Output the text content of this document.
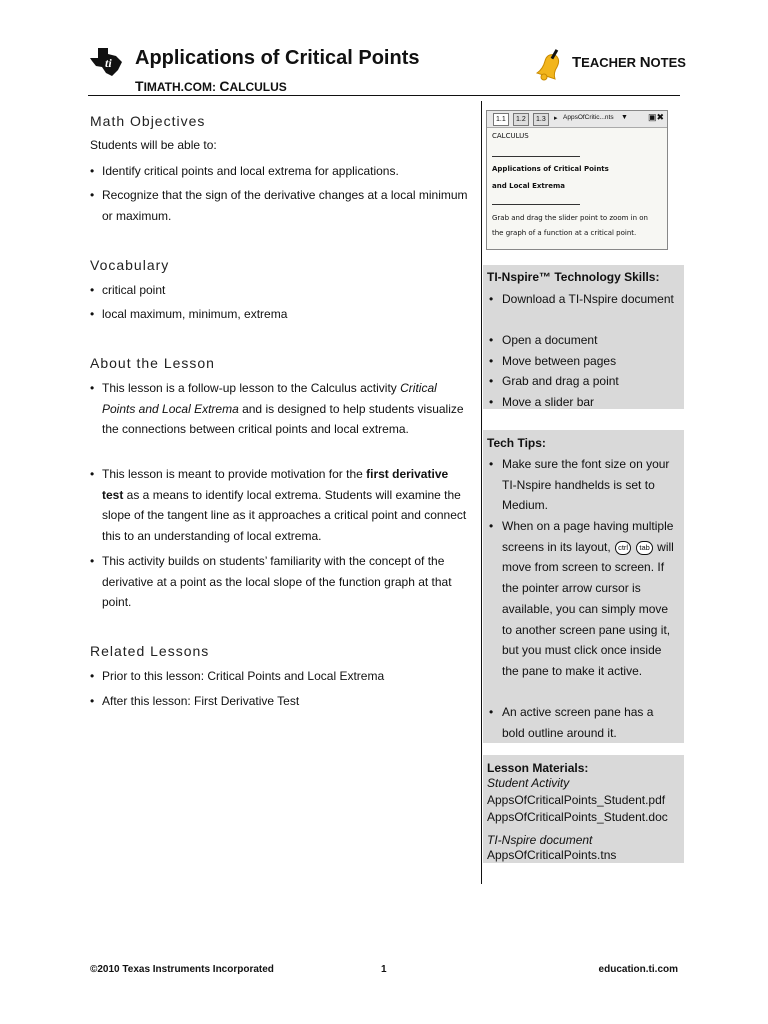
ti Applications of Critical Points
TIMATH.COM: CALCULUS
TEACHER NOTES
Math Objectives
Students will be able to:
• Identify critical points and local extrema for applications.
• Recognize that the sign of the derivative changes at a local minimum or maximum.
Vocabulary
• critical point
• local maximum, minimum, extrema
About the Lesson
• This lesson is a follow-up lesson to the Calculus activity Critical Points and Local Extrema and is designed to help students visualize the connections between critical points and local extrema.
• This lesson is meant to provide motivation for the first derivative test as a means to identify local extrema. Students will examine the slope of the tangent line as it approaches a critical point and connect this to an understanding of local extrema.
• This activity builds on students’ familiarity with the concept of the derivative at a point as the local slope of the function graph at that point.
Related Lessons
• Prior to this lesson: Critical Points and Local Extrema
• After this lesson: First Derivative Test
1.1	1.2	1.3	▸ AppsOfCritic...nts ▼ ▣✖
CALCULUS
Applications of Critical Points
and Local Extrema
Grab and drag the slider point to zoom in on
the graph of a function at a critical point.
TI-Nspire™ Technology Skills:
• Download a TI-Nspire document
• Open a document
• Move between pages
• Grab and drag a point
• Move a slider bar
Tech Tips:
• Make sure the font size on your TI-Nspire handhelds is set to Medium.
• When on a page having multiple screens in its layout, ctrl tab will move from screen to screen. If the pointer arrow cursor is available, you can simply move to another screen pane using it, but you must click once inside the pane to make it active.
• An active screen pane has a bold outline around it.
Lesson Materials:
Student Activity
AppsOfCriticalPoints_Student.pdf
AppsOfCriticalPoints_Student.doc
TI-Nspire document
AppsOfCriticalPoints.tns
©2010 Texas Instruments Incorporated	1	education.ti.com
